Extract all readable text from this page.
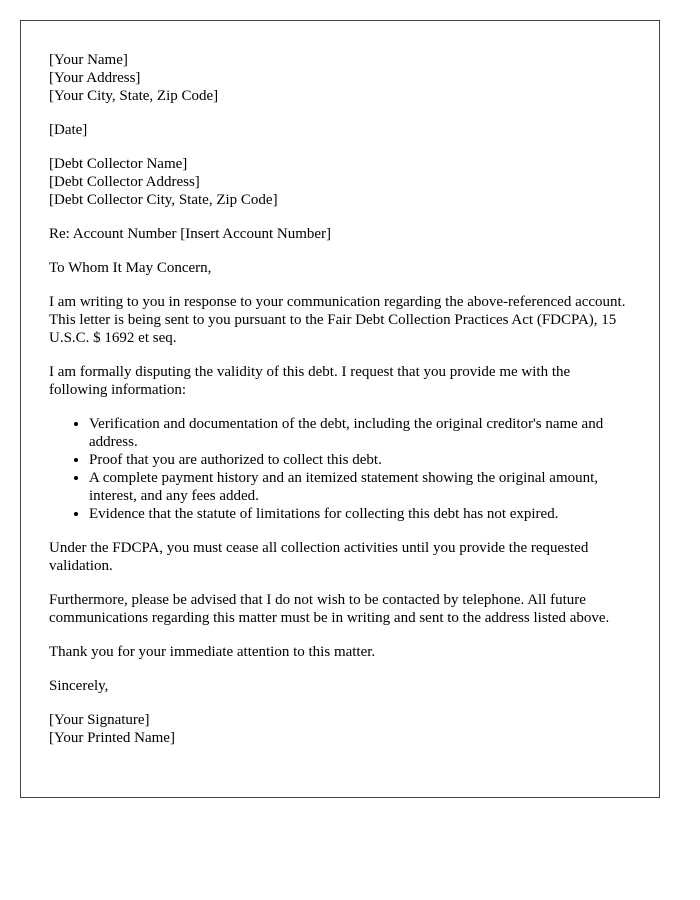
[Your Name]
[Your Address]
[Your City, State, Zip Code]
[Date]
[Debt Collector Name]
[Debt Collector Address]
[Debt Collector City, State, Zip Code]

Re: Account Number [Insert Account Number]

To Whom It May Concern,

I am writing to you in response to your communication regarding the above-referenced account. This letter is being sent to you pursuant to the Fair Debt Collection Practices Act (FDCPA), 15 U.S.C. $ 1692 et seq.

I am formally disputing the validity of this debt. I request that you provide me with the following information:

• Verification and documentation of the debt, including the original creditor's name and address.
• Proof that you are authorized to collect this debt.
• A complete payment history and an itemized statement showing the original amount, interest, and any fees added.
• Evidence that the statute of limitations for collecting this debt has not expired.

Under the FDCPA, you must cease all collection activities until you provide the requested validation.

Furthermore, please be advised that I do not wish to be contacted by telephone. All future communications regarding this matter must be in writing and sent to the address listed above.

Thank you for your immediate attention to this matter.

Sincerely,

[Your Signature]
[Your Printed Name]
